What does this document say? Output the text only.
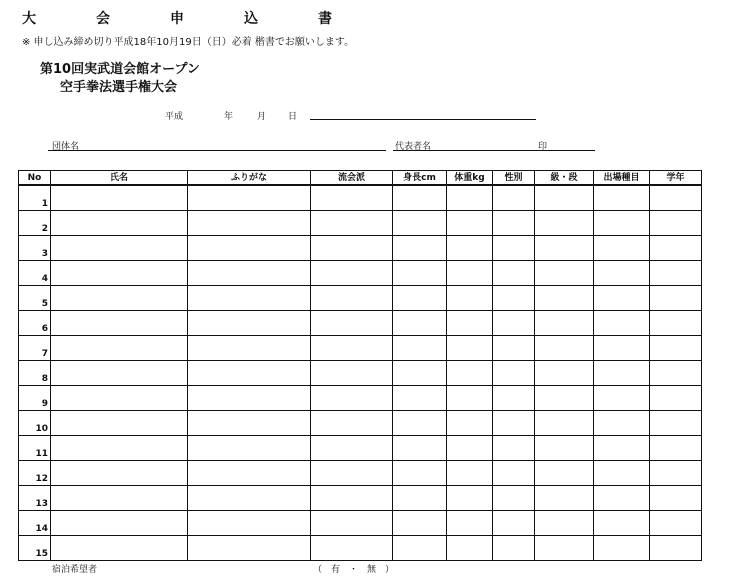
大	会	申	込	書
※ 申し込み締め切り平成18年10月19日（日）必着 楷書でお願いします。
第10回実武道会館オープン
空手拳法選手権大会
平成	年	月 日
団体名	代表者名	印
No	氏名	ふりがな	流会派	身長cm	体重kg	性別	級・段	出場種目	学年
1									
2									
3									
4									
5									
6									
7									
8									
9									
10									
11									
12									
13									
14									
15									
宿泊希望者	（　有　・　無　）
